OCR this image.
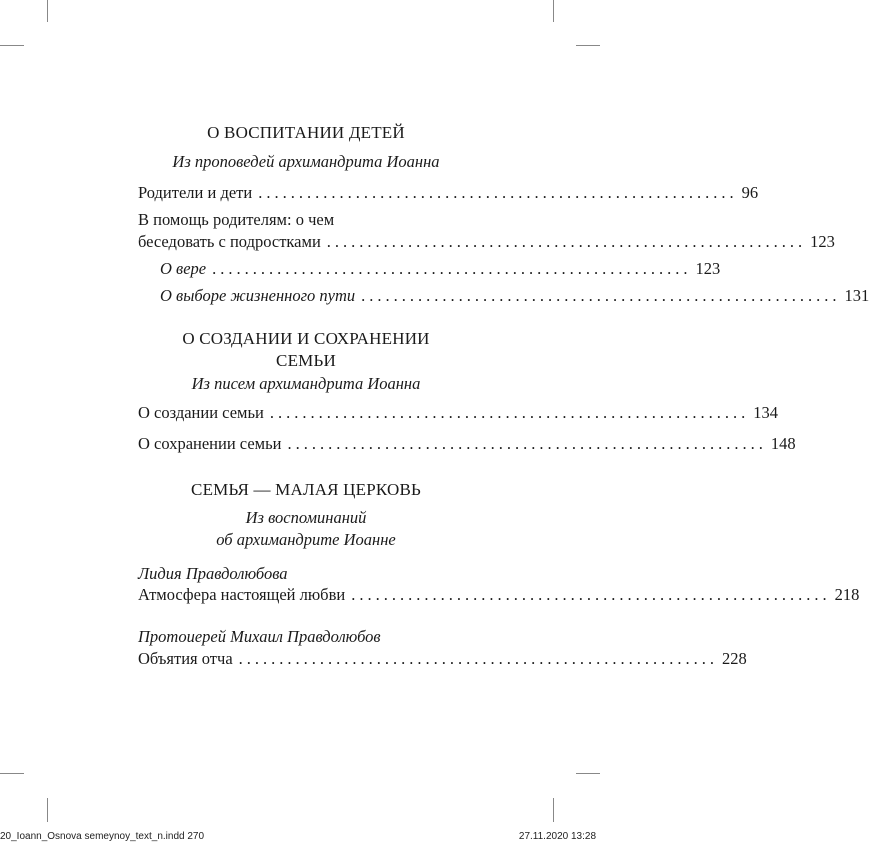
О ВОСПИТАНИИ ДЕТЕЙ
Из проповедей архимандрита Иоанна
Родители и дети ........................................................... 96
В помощь родителям: о чем
беседовать с подростками ........................................................... 123
О вере ........................................................... 123
О выборе жизненного пути ........................................................... 131
О СОЗДАНИИ И СОХРАНЕНИИ
СЕМЬИ
Из писем архимандрита Иоанна
О создании семьи ........................................................... 134
О сохранении семьи ........................................................... 148
СЕМЬЯ — МАЛАЯ ЦЕРКОВЬ
Из воспоминаний
об архимандрите Иоанне
Лидия Правдолюбова
Атмосфера настоящей любви ........................................................... 218
Протоиерей Михаил Правдолюбов
Объятия отча ........................................................... 228
20_Ioann_Osnova semeynoy_text_n.indd 270	27.11.2020 13:28
